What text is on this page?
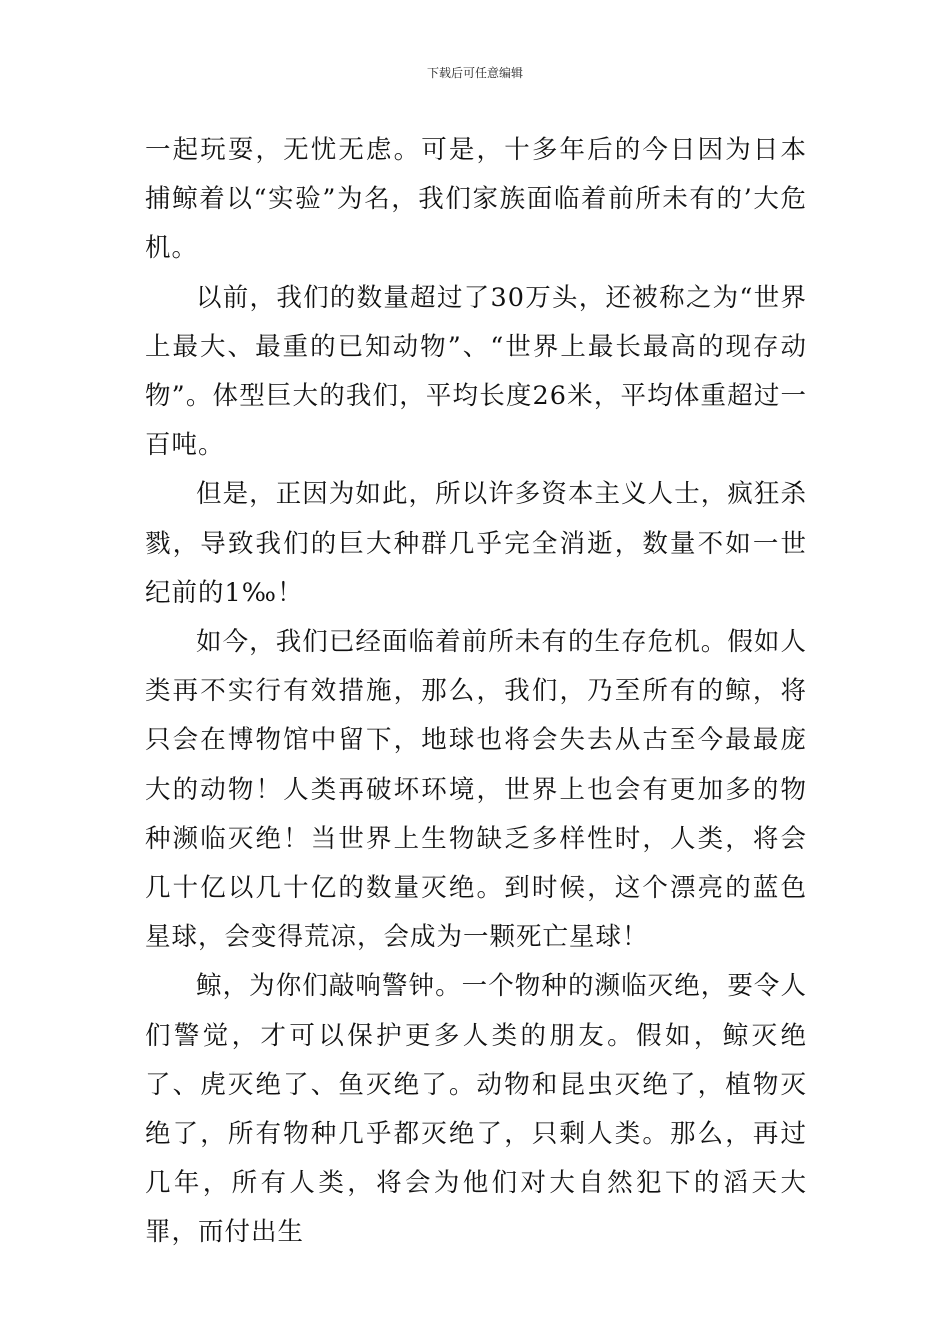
下载后可任意编辑

一起玩耍，无忧无虑。可是，十多年后的今日因为日本捕鲸着以“实验”为名，我们家族面临着前所未有的’大危机。

以前，我们的数量超过了30万头，还被称之为“世界上最大、最重的已知动物”、“世界上最长最高的现存动物”。体型巨大的我们，平均长度26米，平均体重超过一百吨。

但是，正因为如此，所以许多资本主义人士，疯狂杀戮，导致我们的巨大种群几乎完全消逝，数量不如一世纪前的1‰！

如今，我们已经面临着前所未有的生存危机。假如人类再不实行有效措施，那么，我们，乃至所有的鲸，将只会在博物馆中留下，地球也将会失去从古至今最最庞大的动物！人类再破坏环境，世界上也会有更加多的物种濒临灭绝！当世界上生物缺乏多样性时，人类，将会几十亿以几十亿的数量灭绝。到时候，这个漂亮的蓝色星球，会变得荒凉，会成为一颗死亡星球！

鲸，为你们敲响警钟。一个物种的濒临灭绝，要令人们警觉，才可以保护更多人类的朋友。假如，鲸灭绝了、虎灭绝了、鱼灭绝了。动物和昆虫灭绝了，植物灭绝了，所有物种几乎都灭绝了，只剩人类。那么，再过几年，所有人类，将会为他们对大自然犯下的滔天大罪，而付出生
